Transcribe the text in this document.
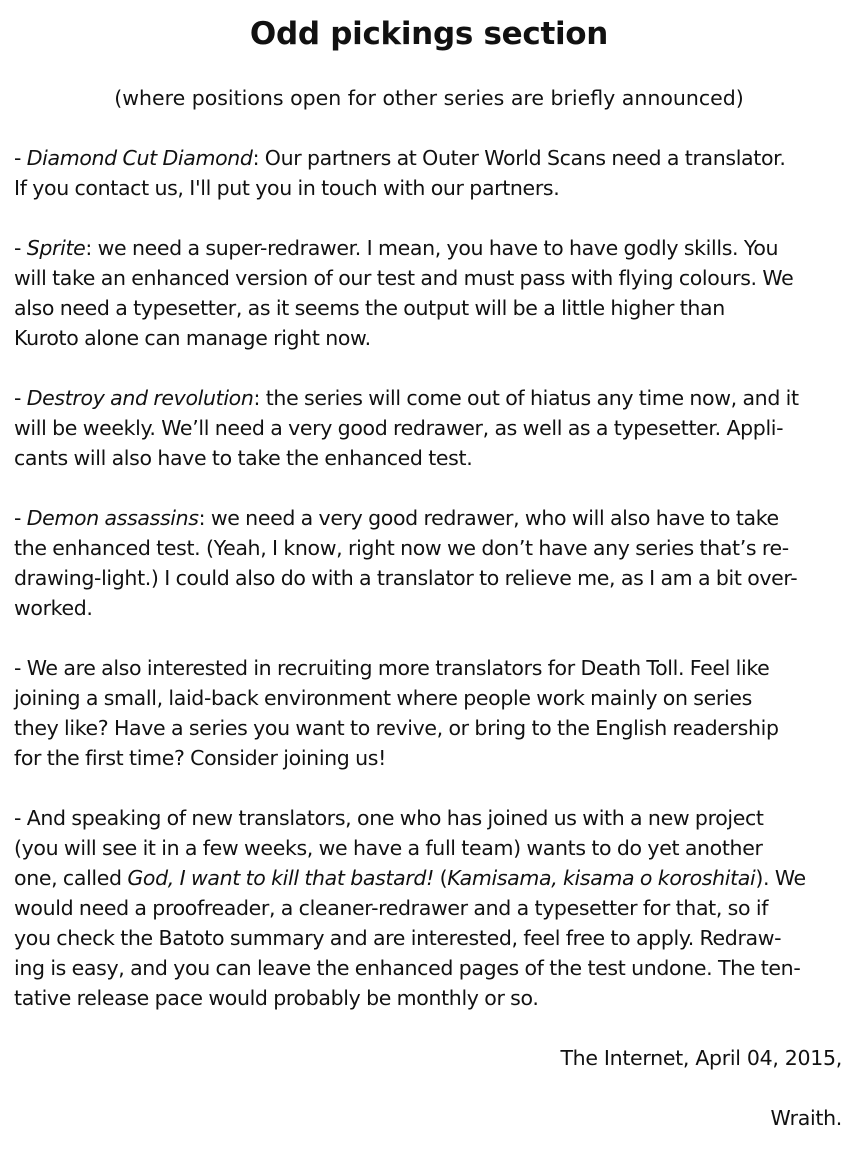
Odd pickings section
(where positions open for other series are briefly announced)
- Diamond Cut Diamond: Our partners at Outer World Scans need a translator.
If you contact us, I'll put you in touch with our partners.
- Sprite: we need a super-redrawer. I mean, you have to have godly skills. You
will take an enhanced version of our test and must pass with flying colours. We
also need a typesetter, as it seems the output will be a little higher than
Kuroto alone can manage right now.
- Destroy and revolution: the series will come out of hiatus any time now, and it
will be weekly. We’ll need a very good redrawer, as well as a typesetter. Appli-
cants will also have to take the enhanced test.
- Demon assassins: we need a very good redrawer, who will also have to take
the enhanced test. (Yeah, I know, right now we don’t have any series that’s re-
drawing-light.) I could also do with a translator to relieve me, as I am a bit over-
worked.
- We are also interested in recruiting more translators for Death Toll. Feel like
joining a small, laid-back environment where people work mainly on series
they like? Have a series you want to revive, or bring to the English readership
for the first time? Consider joining us!
- And speaking of new translators, one who has joined us with a new project
(you will see it in a few weeks, we have a full team) wants to do yet another
one, called God, I want to kill that bastard! (Kamisama, kisama o koroshitai). We
would need a proofreader, a cleaner-redrawer and a typesetter for that, so if
you check the Batoto summary and are interested, feel free to apply. Redraw-
ing is easy, and you can leave the enhanced pages of the test undone. The ten-
tative release pace would probably be monthly or so.
The Internet, April 04, 2015,
Wraith.
